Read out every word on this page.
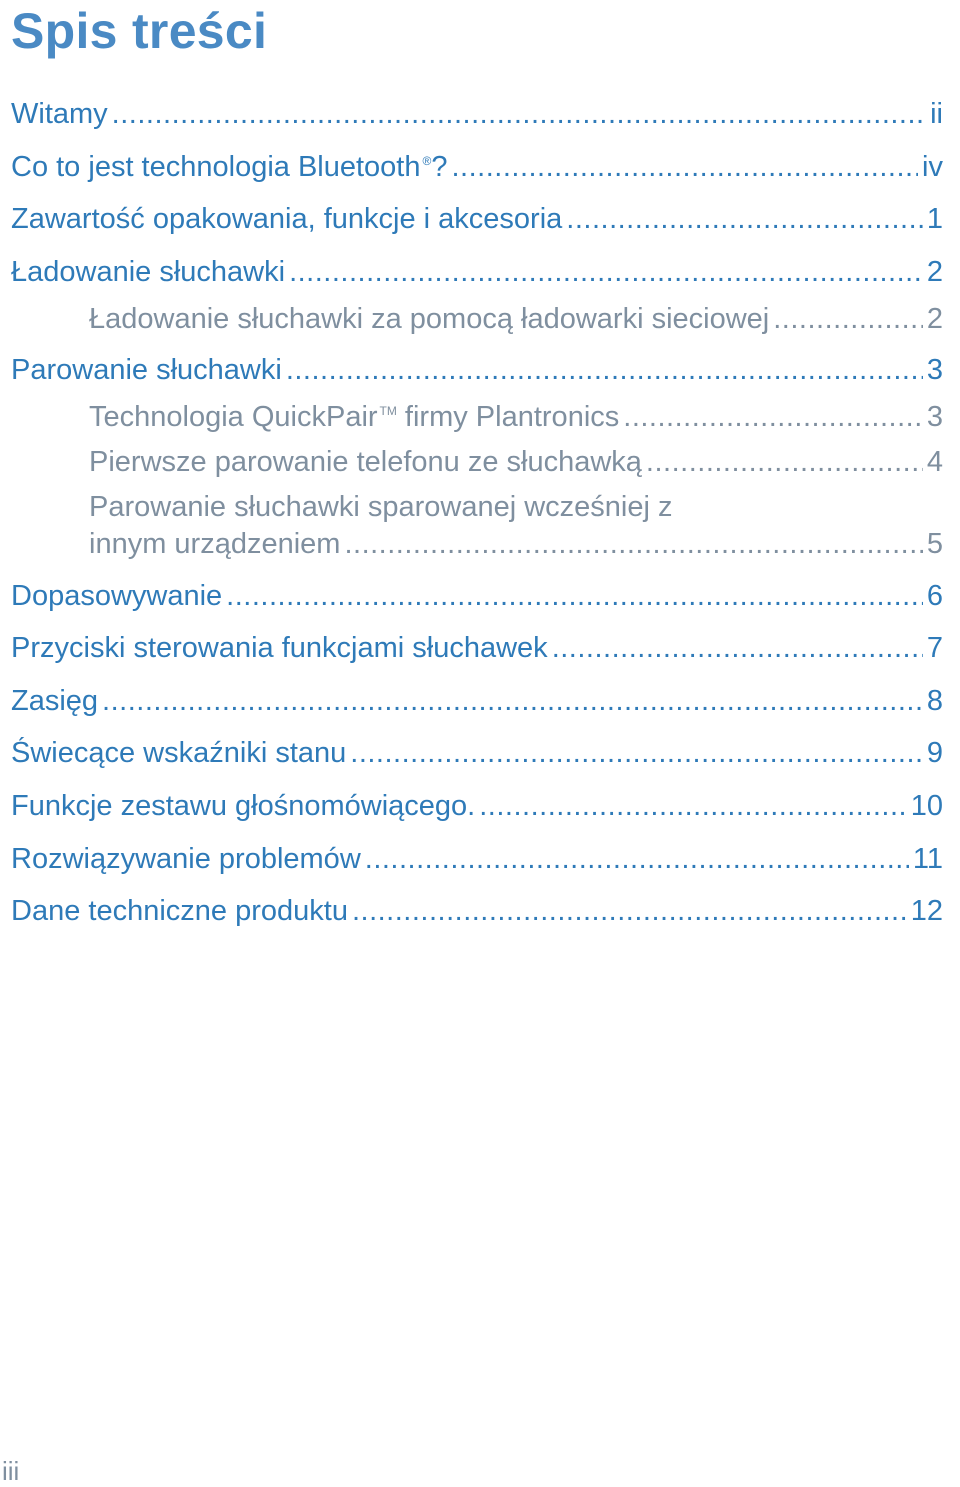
Spis treści
Witamy .....	ii
Co to jest technologia Bluetooth ®? .....	iv
Zawartość opakowania, funkcje i akcesoria .....	1
Ładowanie słuchawki .....	2
Ładowanie słuchawki za pomocą ładowarki sieciowej .....	2
Parowanie słuchawki .....	3
Technologia QuickPair ™ firmy Plantronics .....	3
Pierwsze parowanie telefonu ze słuchawką .....	4
Parowanie słuchawki sparowanej wcześniej z
innym urządzeniem .....	5
Dopasowywanie .....	6
Przyciski sterowania funkcjami słuchawek .....	7
Zasięg .....	8
Świecące wskaźniki stanu .....	9
Funkcje zestawu głośnomówiącego. .....	10
Rozwiązywanie problemów .....	11
Dane techniczne produktu .....	12
iii
